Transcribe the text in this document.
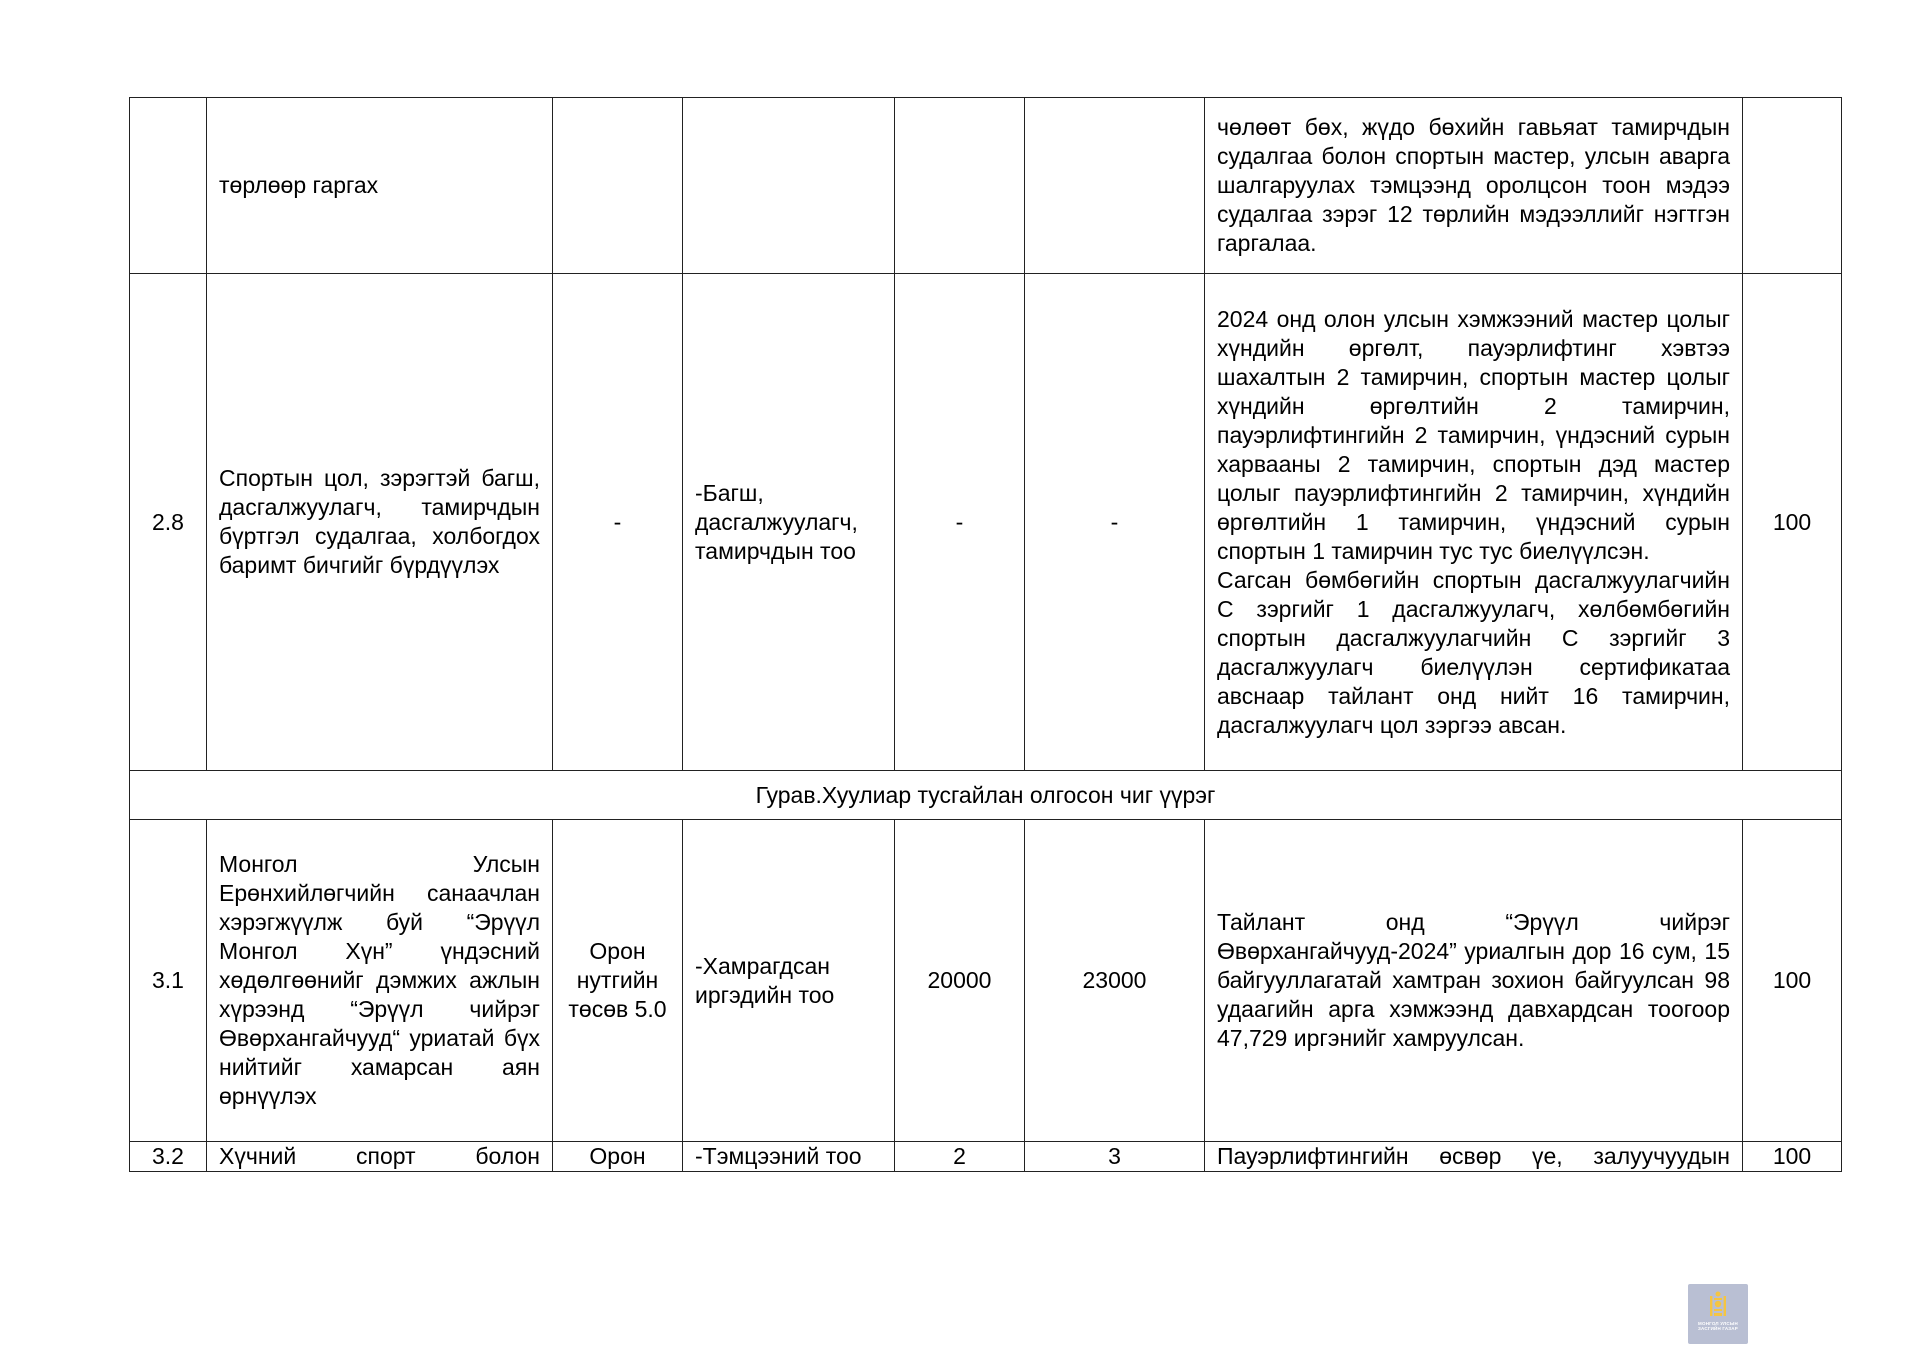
	төрлөөр гаргах					чөлөөт бөх, жүдо бөхийн гавьяат тамирчдын судалгаа болон спортын мастер, улсын аварга шалгаруулах тэмцээнд оролцсон тоон мэдээ судалгаа зэрэг 12 төрлийн мэдээллийг нэгтгэн гаргалаа.	
2.8	Спортын цол, зэрэгтэй багш, дасгалжуулагч, тамирчдын бүртгэл судалгаа, холбогдох баримт бичгийг бүрдүүлэх	-	-Багш, дасгалжуулагч, тамирчдын тоо	-	-	2024 онд олон улсын хэмжээний мастер цолыг хүндийн өргөлт, пауэрлифтинг хэвтээ шахалтын 2 тамирчин, спортын мастер цолыг хүндийн өргөлтийн 2 тамирчин, пауэрлифтингийн 2 тамирчин, үндэсний сурын харвааны 2 тамирчин, спортын дэд мастер цолыг пауэрлифтингийн 2 тамирчин, хүндийн өргөлтийн 1 тамирчин, үндэсний сурын спортын 1 тамирчин тус тус биелүүлсэн.
Сагсан бөмбөгийн спортын дасгалжуулагчийн С зэргийг 1 дасгалжуулагч, хөлбөмбөгийн спортын дасгалжуулагчийн С зэргийг 3 дасгалжуулагч биелүүлэн сертификатаа авснаар тайлант онд нийт 16 тамирчин, дасгалжуулагч цол зэргээ авсан.	100
Гурав.Хуулиар тусгайлан олгосон чиг үүрэг							
3.1	Монгол Улсын Ерөнхийлөгчийн санаачлан хэрэгжүүлж буй “Эрүүл Монгол Хүн” үндэсний хөдөлгөөнийг дэмжих ажлын хүрээнд “Эрүүл чийрэг Өвөрхангайчууд“ уриатай бүх нийтийг хамарсан аян өрнүүлэх	Орон нутгийн төсөв 5.0	-Хамрагдсан иргэдийн тоо	20000	23000	Тайлант онд “Эрүүл чийрэг Өвөрхангайчууд-2024” уриалгын дор 16 сум, 15 байгууллагатай хамтран зохион байгуулсан 98 удаагийн арга хэмжээнд давхардсан тоогоор 47,729 иргэнийг хамруулсан.	100
3.2	Хүчний спорт болон	Орон	-Тэмцээний тоо	2	3	Пауэрлифтингийн өсвөр үе, залуучуудын	100
МОНГОЛ УЛСЫН
ЗАСГИЙН ГАЗАР
